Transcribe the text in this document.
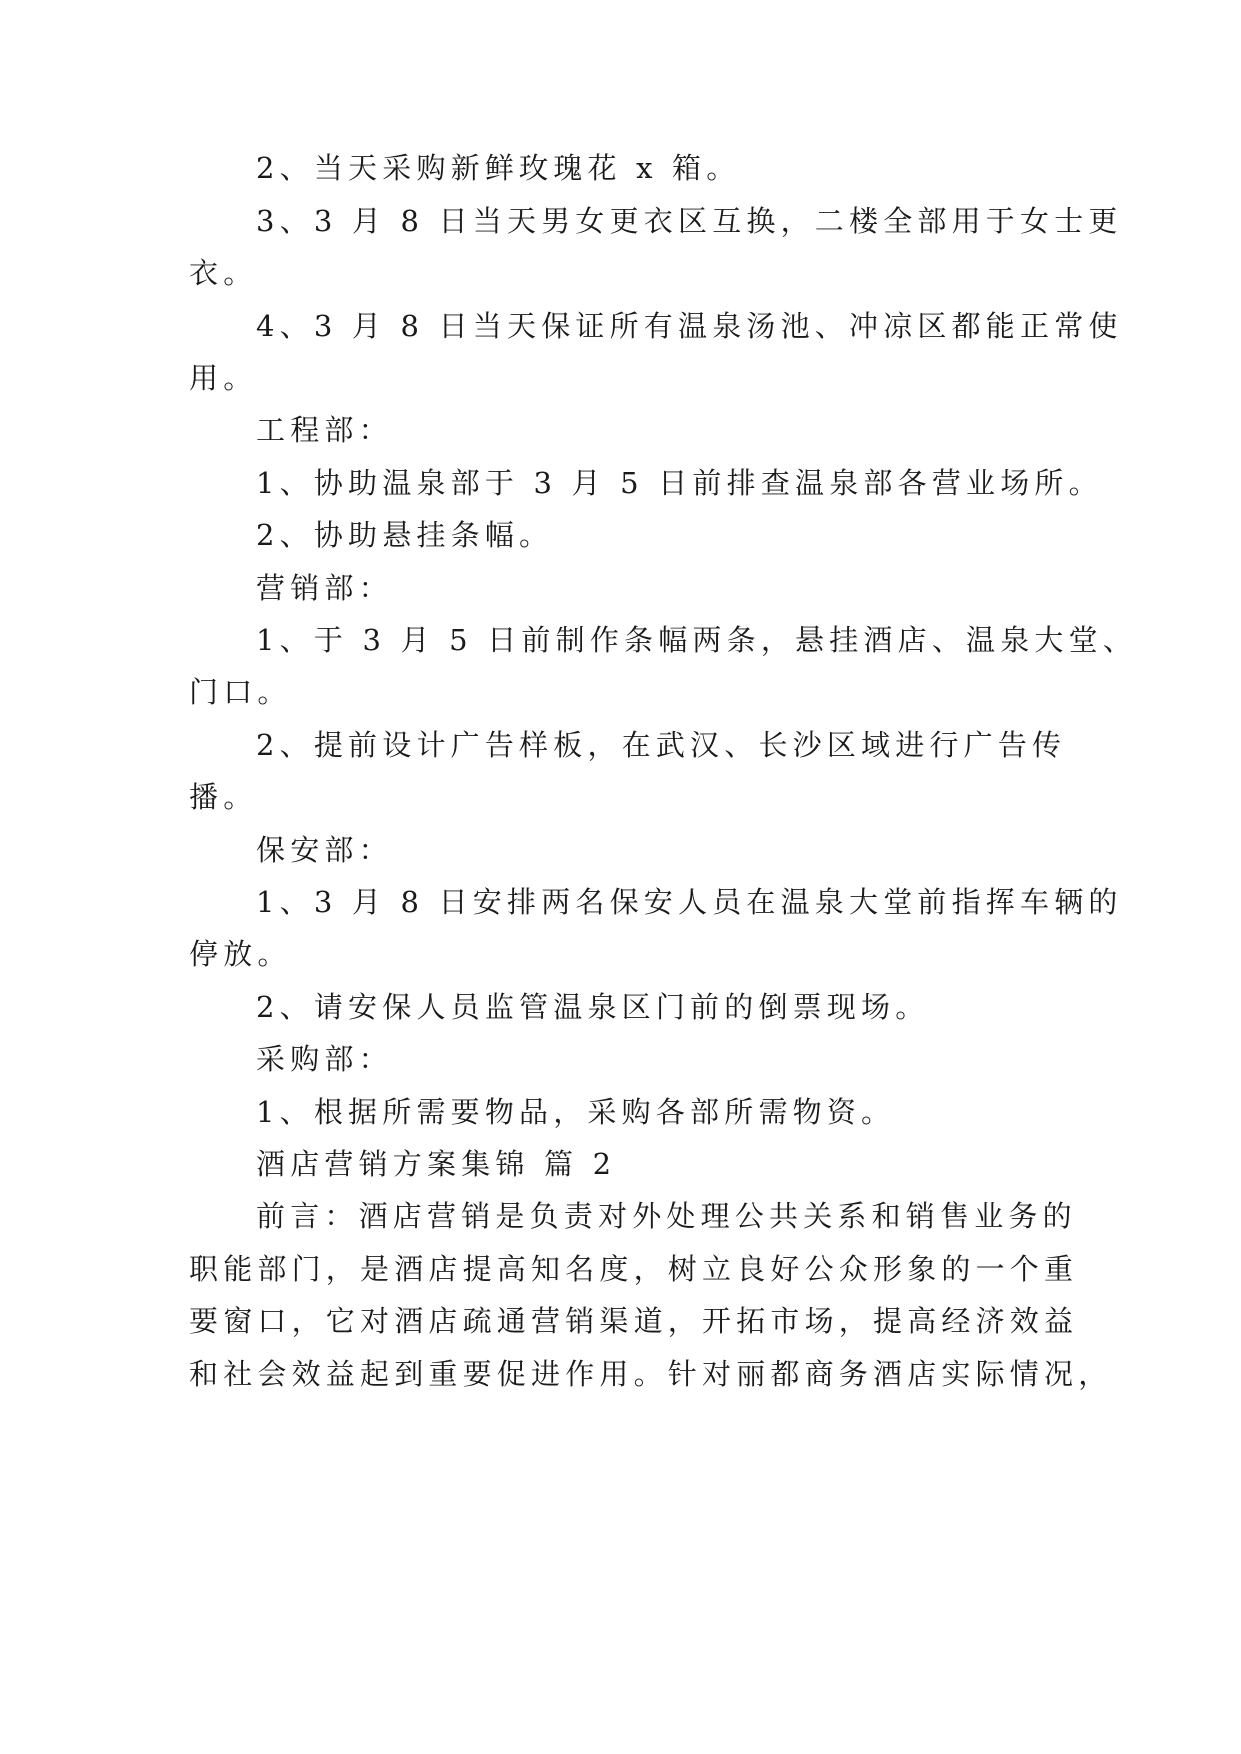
2、当天采购新鲜玫瑰花 x 箱。
3、3 月 8 日当天男女更衣区互换，二楼全部用于女士更
衣。
4、3 月 8 日当天保证所有温泉汤池、冲凉区都能正常使
用。
工程部：
1、协助温泉部于 3 月 5 日前排查温泉部各营业场所。
2、协助悬挂条幅。
营销部：
1、于 3 月 5 日前制作条幅两条，悬挂酒店、温泉大堂、
门口。
2、提前设计广告样板，在武汉、长沙区域进行广告传
播。
保安部：
1、3 月 8 日安排两名保安人员在温泉大堂前指挥车辆的
停放。
2、请安保人员监管温泉区门前的倒票现场。
采购部：
1、根据所需要物品，采购各部所需物资。
酒店营销方案集锦 篇 2
前言：酒店营销是负责对外处理公共关系和销售业务的
职能部门，是酒店提高知名度，树立良好公众形象的一个重
要窗口，它对酒店疏通营销渠道，开拓市场，提高经济效益
和社会效益起到重要促进作用。针对丽都商务酒店实际情况，
